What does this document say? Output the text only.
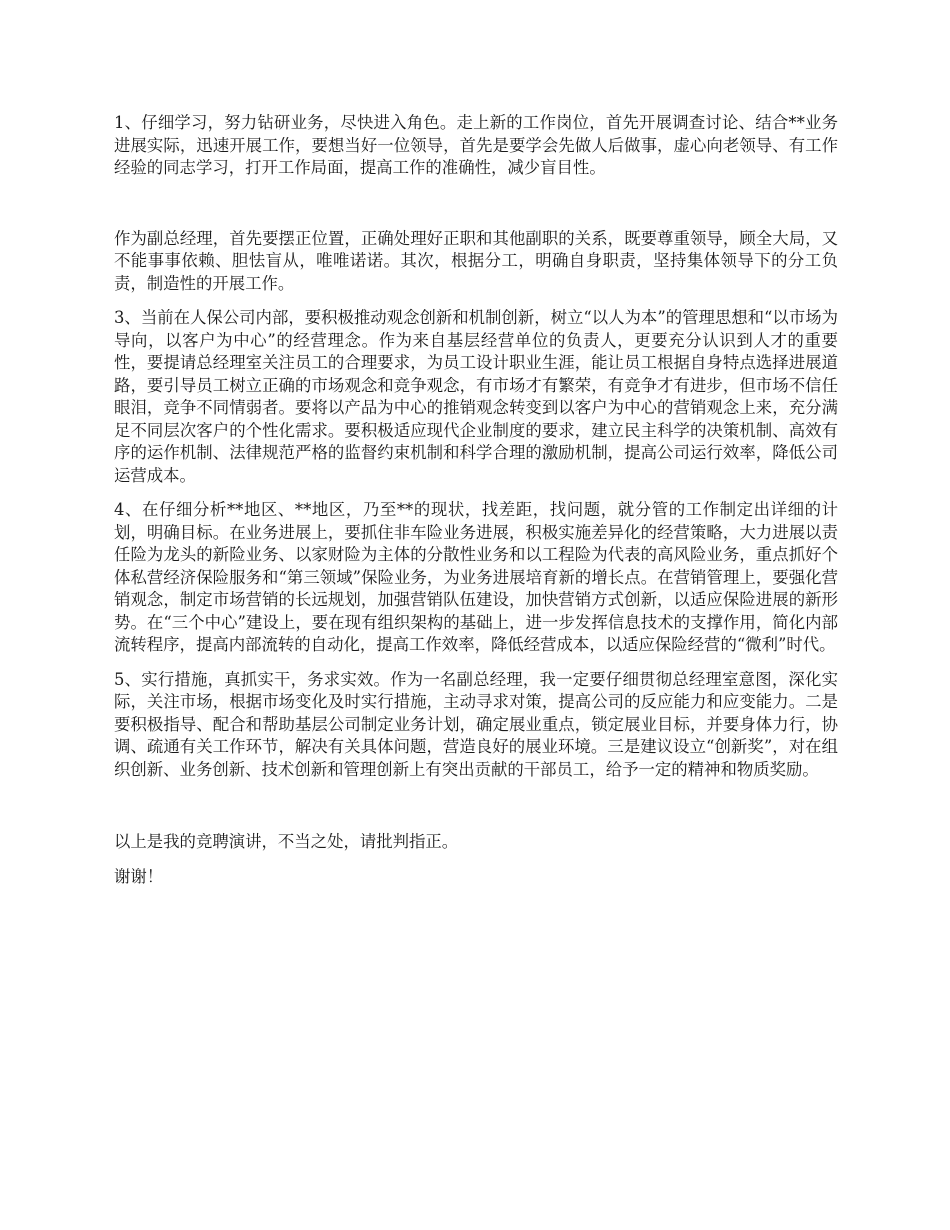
1、仔细学习，努力钻研业务，尽快进入角色。走上新的工作岗位，首先开展调查讨论、结合**业务进展实际，迅速开展工作，要想当好一位领导，首先是要学会先做人后做事，虚心向老领导、有工作经验的同志学习，打开工作局面，提高工作的准确性，减少盲目性。

作为副总经理，首先要摆正位置，正确处理好正职和其他副职的关系，既要尊重领导，顾全大局，又不能事事依赖、胆怯盲从，唯唯诺诺。其次，根据分工，明确自身职责，坚持集体领导下的分工负责，制造性的开展工作。

3、当前在人保公司内部，要积极推动观念创新和机制创新，树立“以人为本”的管理思想和“以市场为导向，以客户为中心”的经营理念。作为来自基层经营单位的负责人，更要充分认识到人才的重要性，要提请总经理室关注员工的合理要求，为员工设计职业生涯，能让员工根据自身特点选择进展道路，要引导员工树立正确的市场观念和竞争观念，有市场才有繁荣，有竞争才有进步，但市场不信任眼泪，竞争不同情弱者。要将以产品为中心的推销观念转变到以客户为中心的营销观念上来，充分满足不同层次客户的个性化需求。要积极适应现代企业制度的要求，建立民主科学的决策机制、高效有序的运作机制、法律规范严格的监督约束机制和科学合理的激励机制，提高公司运行效率，降低公司运营成本。

4、在仔细分析**地区、**地区，乃至**的现状，找差距，找问题，就分管的工作制定出详细的计划，明确目标。在业务进展上，要抓住非车险业务进展，积极实施差异化的经营策略，大力进展以责任险为龙头的新险业务、以家财险为主体的分散性业务和以工程险为代表的高风险业务，重点抓好个体私营经济保险服务和“第三领域”保险业务，为业务进展培育新的增长点。在营销管理上，要强化营销观念，制定市场营销的长远规划，加强营销队伍建设，加快营销方式创新，以适应保险进展的新形势。在“三个中心”建设上，要在现有组织架构的基础上，进一步发挥信息技术的支撑作用，简化内部流转程序，提高内部流转的自动化，提高工作效率，降低经营成本，以适应保险经营的“微利”时代。

5、实行措施，真抓实干，务求实效。作为一名副总经理，我一定要仔细贯彻总经理室意图，深化实际，关注市场，根据市场变化及时实行措施，主动寻求对策，提高公司的反应能力和应变能力。二是要积极指导、配合和帮助基层公司制定业务计划，确定展业重点，锁定展业目标，并要身体力行，协调、疏通有关工作环节，解决有关具体问题，营造良好的展业环境。三是建议设立“创新奖”，对在组织创新、业务创新、技术创新和管理创新上有突出贡献的干部员工，给予一定的精神和物质奖励。

以上是我的竞聘演讲，不当之处，请批判指正。

谢谢！
